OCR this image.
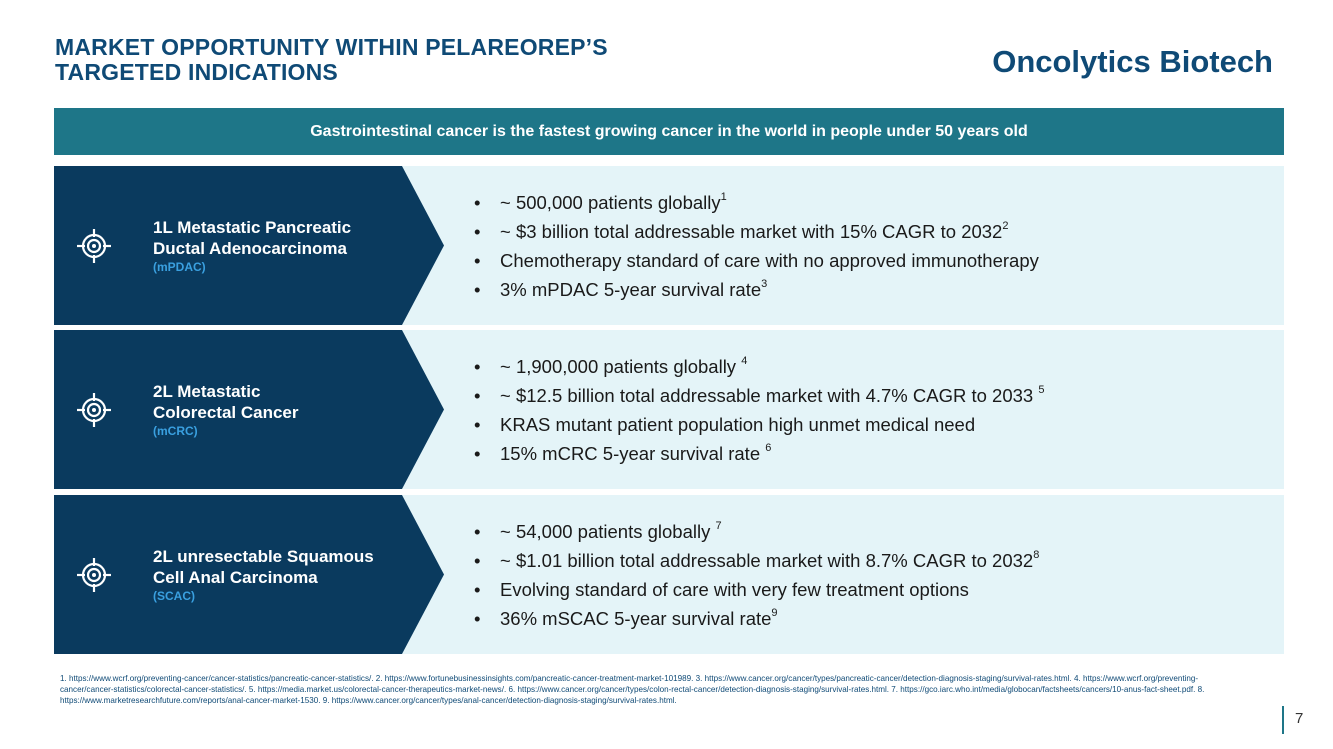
MARKET OPPORTUNITY WITHIN PELAREOREP’S
TARGETED INDICATIONS	Oncolytics Biotech
Gastrointestinal cancer is the fastest growing cancer in the world in people under 50 years old
1L Metastatic Pancreatic
Ductal Adenocarcinoma
(mPDAC)
• ~ 500,000 patients globally$^1$
• ~ $3 billion total addressable market with 15% CAGR to 2032$^2$
• Chemotherapy standard of care with no approved immunotherapy
• 3% mPDAC 5-year survival rate$^3$
2L Metastatic
Colorectal Cancer
(mCRC)
• ~ 1,900,000 patients globally $^4$
• ~ $12.5 billion total addressable market with 4.7% CAGR to 2033 $^5$
• KRAS mutant patient population high unmet medical need
• 15% mCRC 5-year survival rate $^6$
2L unresectable Squamous
Cell Anal Carcinoma
(SCAC)
• ~ 54,000 patients globally $^7$
• ~ $1.01 billion total addressable market with 8.7% CAGR to 2032$^8$
• Evolving standard of care with very few treatment options
• 36% mSCAC 5-year survival rate$^9$
1. https://www.wcrf.org/preventing-cancer/cancer-statistics/pancreatic-cancer-statistics/. 2. https://www.fortunebusinessinsights.com/pancreatic-cancer-treatment-market-101989. 3. https://www.cancer.org/cancer/types/pancreatic-cancer/detection-diagnosis-staging/survival-rates.html. 4. https://www.wcrf.org/preventing-cancer/cancer-statistics/colorectal-cancer-statistics/. 5. https://media.market.us/colorectal-cancer-therapeutics-market-news/. 6. https://www.cancer.org/cancer/types/colon-rectal-cancer/detection-diagnosis-staging/survival-rates.html. 7. https://gco.iarc.who.int/media/globocan/factsheets/cancers/10-anus-fact-sheet.pdf. 8. https://www.marketresearchfuture.com/reports/anal-cancer-market-1530. 9. https://www.cancer.org/cancer/types/anal-cancer/detection-diagnosis-staging/survival-rates.html.
7
